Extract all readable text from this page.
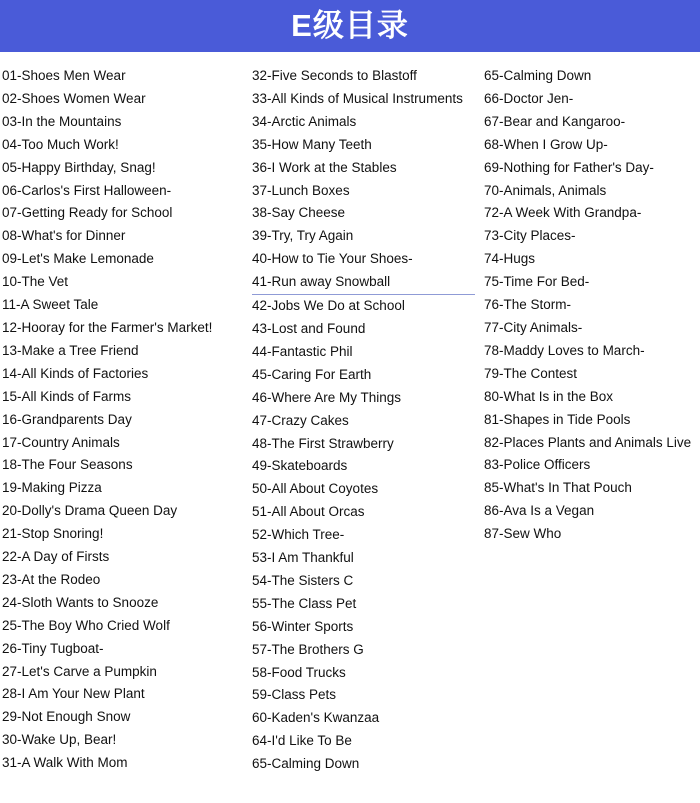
E级目录
01-Shoes Men Wear
02-Shoes Women Wear
03-In the Mountains
04-Too Much Work!
05-Happy Birthday, Snag!
06-Carlos's First Halloween-
07-Getting Ready for School
08-What's for Dinner
09-Let's Make Lemonade
10-The Vet
11-A Sweet Tale
12-Hooray for the Farmer's Market!
13-Make a Tree Friend
14-All Kinds of Factories
15-All Kinds of Farms
16-Grandparents Day
17-Country Animals
18-The Four Seasons
19-Making Pizza
20-Dolly's Drama Queen Day
21-Stop Snoring!
22-A Day of Firsts
23-At the Rodeo
24-Sloth Wants to Snooze
25-The Boy Who Cried Wolf
26-Tiny Tugboat-
27-Let's Carve a Pumpkin
28-I Am Your New Plant
29-Not Enough Snow
30-Wake Up, Bear!
31-A Walk With Mom
32-Five Seconds to Blastoff
33-All Kinds of Musical Instruments
34-Arctic Animals
35-How Many Teeth
36-I Work at the Stables
37-Lunch Boxes
38-Say Cheese
39-Try, Try Again
40-How to Tie Your Shoes-
41-Run away Snowball
42-Jobs We Do at School
43-Lost and Found
44-Fantastic Phil
45-Caring For Earth
46-Where Are My Things
47-Crazy Cakes
48-The First Strawberry
49-Skateboards
50-All About Coyotes
51-All About Orcas
52-Which Tree-
53-I Am Thankful
54-The Sisters C
55-The Class Pet
56-Winter Sports
57-The Brothers G
58-Food Trucks
59-Class Pets
60-Kaden's Kwanzaa
64-I'd Like To Be
65-Calming Down
65-Calming Down
66-Doctor Jen-
67-Bear and Kangaroo-
68-When I Grow Up-
69-Nothing for Father's Day-
70-Animals, Animals
72-A Week With Grandpa-
73-City Places-
74-Hugs
75-Time For Bed-
76-The Storm-
77-City Animals-
78-Maddy Loves to March-
79-The Contest
80-What Is in the Box
81-Shapes in Tide Pools
82-Places Plants and Animals Live
83-Police Officers
85-What's In That Pouch
86-Ava Is a Vegan
87-Sew Who
